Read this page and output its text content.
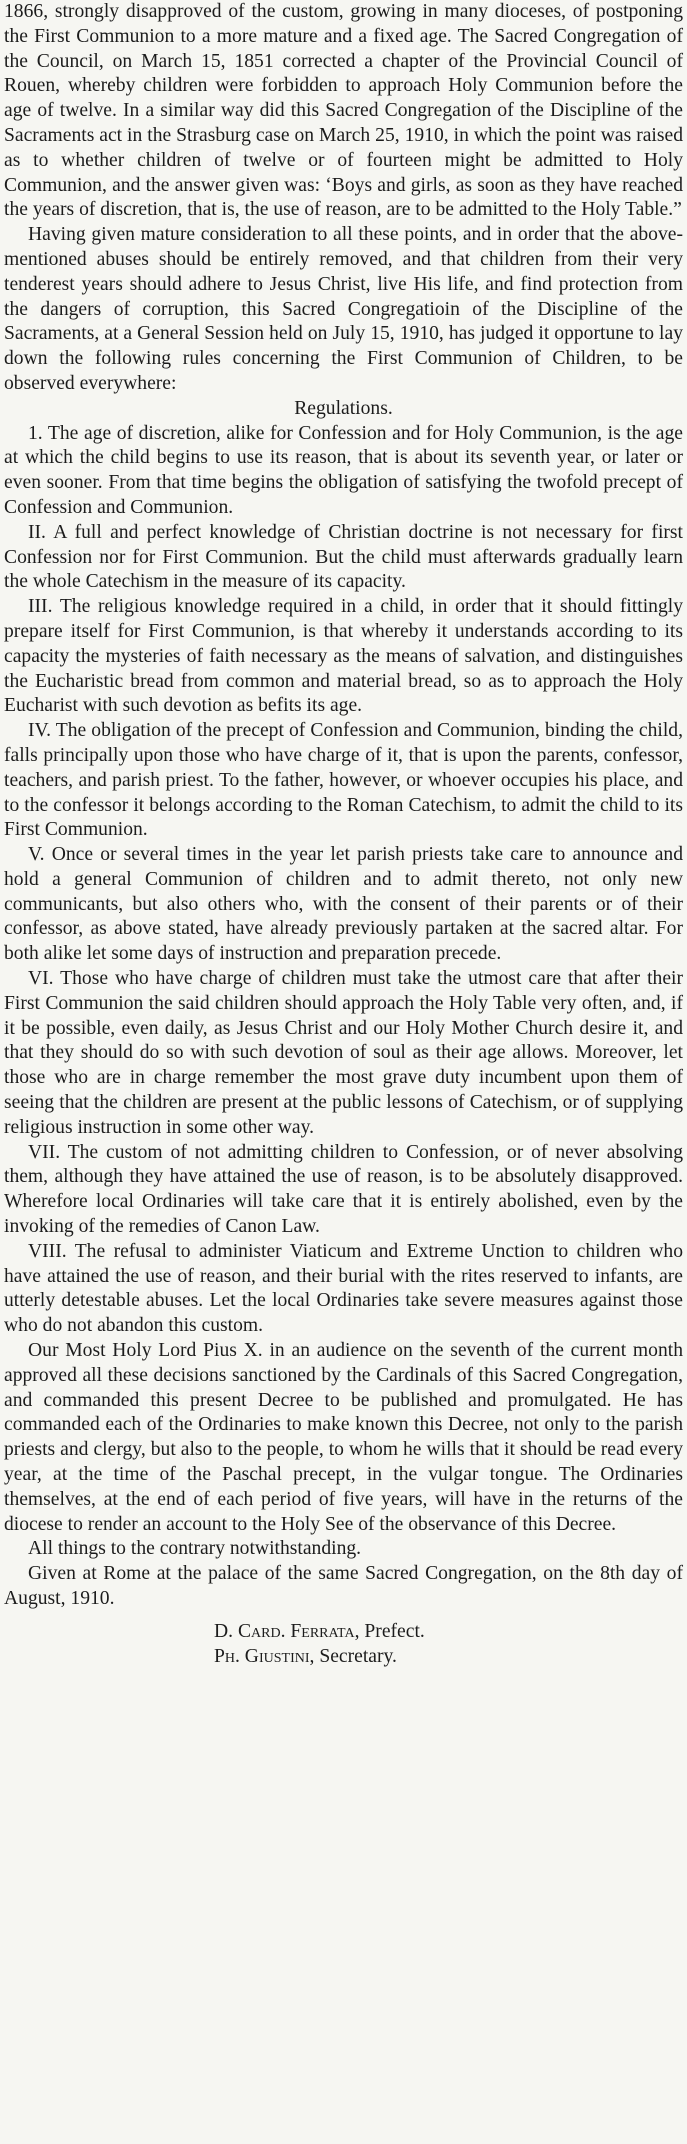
1866, strongly disapproved of the custom, growing in many dioceses, of postponing the First Communion to a more mature and a fixed age. The Sacred Congregation of the Council, on March 15, 1851 corrected a chapter of the Provincial Council of Rouen, whereby children were forbidden to approach Holy Communion before the age of twelve. In a similar way did this Sacred Congregation of the Discipline of the Sacraments act in the Strasburg case on March 25, 1910, in which the point was raised as to whether children of twelve or of fourteen might be admitted to Holy Communion, and the answer given was: ‘Boys and girls, as soon as they have reached the years of discretion, that is, the use of reason, are to be admitted to the Holy Table.”

Having given mature consideration to all these points, and in order that the above-mentioned abuses should be entirely removed, and that children from their very tenderest years should adhere to Jesus Christ, live His life, and find protection from the dangers of corruption, this Sacred Congregatioin of the Discipline of the Sacraments, at a General Session held on July 15, 1910, has judged it opportune to lay down the following rules concerning the First Communion of Children, to be observed everywhere:

Regulations.

1. The age of discretion, alike for Confession and for Holy Communion, is the age at which the child begins to use its reason, that is about its seventh year, or later or even sooner. From that time begins the obligation of satisfying the twofold precept of Confession and Communion.

II. A full and perfect knowledge of Christian doctrine is not necessary for first Confession nor for First Communion. But the child must afterwards gradually learn the whole Catechism in the measure of its capacity.

III. The religious knowledge required in a child, in order that it should fittingly prepare itself for First Communion, is that whereby it understands according to its capacity the mysteries of faith necessary as the means of salvation, and distinguishes the Eucharistic bread from common and material bread, so as to approach the Holy Eucharist with such devotion as befits its age.

IV. The obligation of the precept of Confession and Communion, binding the child, falls principally upon those who have charge of it, that is upon the parents, confessor, teachers, and parish priest. To the father, however, or whoever occupies his place, and to the confessor it belongs according to the Roman Catechism, to admit the child to its First Communion.

V. Once or several times in the year let parish priests take care to announce and hold a general Communion of children and to admit thereto, not only new communicants, but also others who, with the consent of their parents or of their confessor, as above stated, have already previously partaken at the sacred altar. For both alike let some days of instruction and preparation precede.

VI. Those who have charge of children must take the utmost care that after their First Communion the said children should approach the Holy Table very often, and, if it be possible, even daily, as Jesus Christ and our Holy Mother Church desire it, and that they should do so with such devotion of soul as their age allows. Moreover, let those who are in charge remember the most grave duty incumbent upon them of seeing that the children are present at the public lessons of Catechism, or of supplying religious instruction in some other way.

VII. The custom of not admitting children to Confession, or of never absolving them, although they have attained the use of reason, is to be absolutely disapproved. Wherefore local Ordinaries will take care that it is entirely abolished, even by the invoking of the remedies of Canon Law.

VIII. The refusal to administer Viaticum and Extreme Unction to children who have attained the use of reason, and their burial with the rites reserved to infants, are utterly detestable abuses. Let the local Ordinaries take severe measures against those who do not abandon this custom.

Our Most Holy Lord Pius X. in an audience on the seventh of the current month approved all these decisions sanctioned by the Cardinals of this Sacred Congregation, and commanded this present Decree to be published and promulgated. He has commanded each of the Ordinaries to make known this Decree, not only to the parish priests and clergy, but also to the people, to whom he wills that it should be read every year, at the time of the Paschal precept, in the vulgar tongue. The Ordinaries themselves, at the end of each period of five years, will have in the returns of the diocese to render an account to the Holy See of the observance of this Decree.

All things to the contrary notwithstanding.

Given at Rome at the palace of the same Sacred Congregation, on the 8th day of August, 1910.

D. Card. Ferrata, Prefect.

Ph. Giustini, Secretary.
